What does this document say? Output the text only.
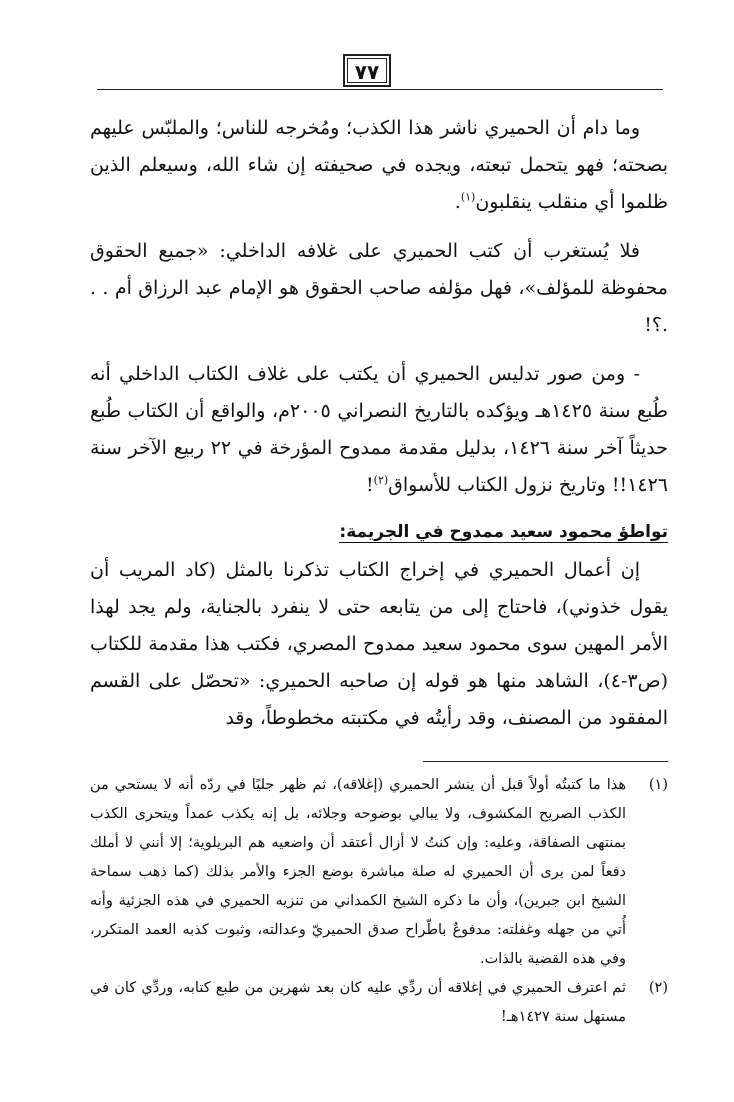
٧٧

وما دام أن الحميري ناشر هذا الكذب؛ ومُخرجه للناس؛ والملبّس عليهم بصحته؛ فهو يتحمل تبعته، ويجده في صحيفته إن شاء الله، وسيعلم الذين ظلموا أي منقلب ينقلبون$^{(١)}$.

فلا يُستغرب أن كتب الحميري على غلافه الداخلي: «جميع الحقوق محفوظة للمؤلف»، فهل مؤلفه صاحب الحقوق هو الإمام عبد الرزاق أم . . .؟!

- ومن صور تدليس الحميري أن يكتب على غلاف الكتاب الداخلي أنه طُبع سنة ١٤٢٥هـ ويؤكده بالتاريخ النصراني ٢٠٠٥م، والواقع أن الكتاب طُبع حديثاً آخر سنة ١٤٢٦، بدليل مقدمة ممدوح المؤرخة في ٢٢ ربيع الآخر سنة ١٤٢٦!! وتاريخ نزول الكتاب للأسواق$^{(٢)}$!

تواطؤ محمود سعيد ممدوح في الجريمة:

إن أعمال الحميري في إخراج الكتاب تذكرنا بالمثل (كاد المريب أن يقول خذوني)، فاحتاج إلى من يتابعه حتى لا ينفرد بالجناية، ولم يجد لهذا الأمر المهين سوى محمود سعيد ممدوح المصري، فكتب هذا مقدمة للكتاب (ص٣-٤)، الشاهد منها هو قوله إن صاحبه الحميري: «تحصّل على القسم المفقود من المصنف، وقد رأيتُه في مكتبته مخطوطاً، وقد

(١)
هذا ما كتبتُه أولاً قبل أن ينشر الحميري (إغلاقه)، ثم ظهر جليًا في ردّه أنه لا يستحي من الكذب الصريح المكشوف، ولا يبالي بوضوحه وجلائه، بل إنه يكذب عمداً ويتحرى الكذب بمنتهى الصفاقة، وعليه: وإن كنتُ لا أزال أعتقد أن واضعيه هم البريلوية؛ إلا أنني لا أملك دفعاً لمن يرى أن الحميري له صلة مباشرة بوضع الجزء والأمر بذلك (كما ذهب سماحة الشيخ ابن جبرين)، وأن ما ذكره الشيخ الكمداني من تنزيه الحميري في هذه الجزئية وأنه أُتي من جهله وغفلته: مدفوعٌ باطّراح صدق الحميريّ وعدالته، وثبوت كذبه العمد المتكرر، وفي هذه القضية بالذات.
(٢)
ثم اعترف الحميري في إغلاقه أن ردِّي عليه كان بعد شهرين من طبع كتابه، وردِّي كان في مستهل سنة ١٤٢٧هـ!
